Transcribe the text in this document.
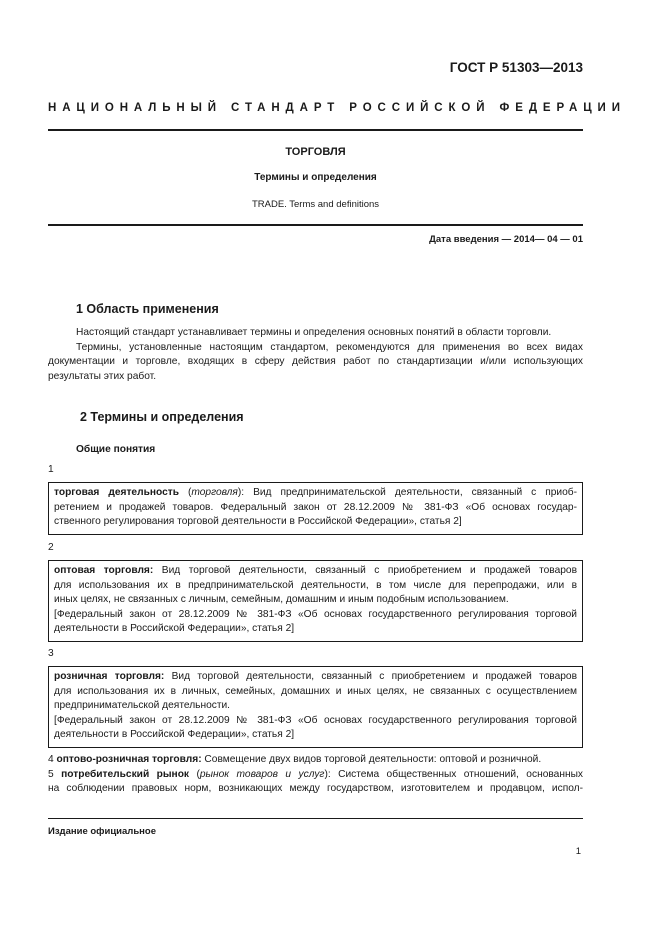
ГОСТ Р 51303—2013
НАЦИОНАЛЬНЫЙ СТАНДАРТ РОССИЙСКОЙ ФЕДЕРАЦИИ
ТОРГОВЛЯ
Термины и определения
TRADE. Terms and definitions
Дата введения — 2014— 04 — 01
1 Область применения
Настоящий стандарт устанавливает термины и определения основных понятий в области торговли.
Термины, установленные настоящим стандартом, рекомендуются для применения во всех видах
документации и торговле, входящих в сферу действия работ по стандартизации и/или использующих
результаты этих работ.
2 Термины и определения
Общие понятия
1
торговая деятельность (торговля): Вид предпринимательской деятельности, связанный с приоб-
ретением и продажей товаров. Федеральный закон от 28.12.2009 № 381-ФЗ «Об основах государ-
ственного регулирования торговой деятельности в Российской Федерации», статья 2]
2
оптовая торговля: Вид торговой деятельности, связанный с приобретением и продажей товаров
для использования их в предпринимательской деятельности, в том числе для перепродажи, или в
иных целях, не связанных с личным, семейным, домашним и иным подобным использованием.
[Федеральный закон от 28.12.2009 № 381-ФЗ «Об основах государственного регулирования торговой
деятельности в Российской Федерации», статья 2]
3
розничная торговля: Вид торговой деятельности, связанный с приобретением и продажей товаров
для использования их в личных, семейных, домашних и иных целях, не связанных с осуществлением
предпринимательской деятельности.
[Федеральный закон от 28.12.2009 № 381-ФЗ «Об основах государственного регулирования торговой
деятельности в Российской Федерации», статья 2]
4 оптово-розничная торговля: Совмещение двух видов торговой деятельности: оптовой и розничной.
5 потребительский рынок (рынок товаров и услуг): Система общественных отношений, основанных
на соблюдении правовых норм, возникающих между государством, изготовителем и продавцом, испол-
Издание официальное
1
